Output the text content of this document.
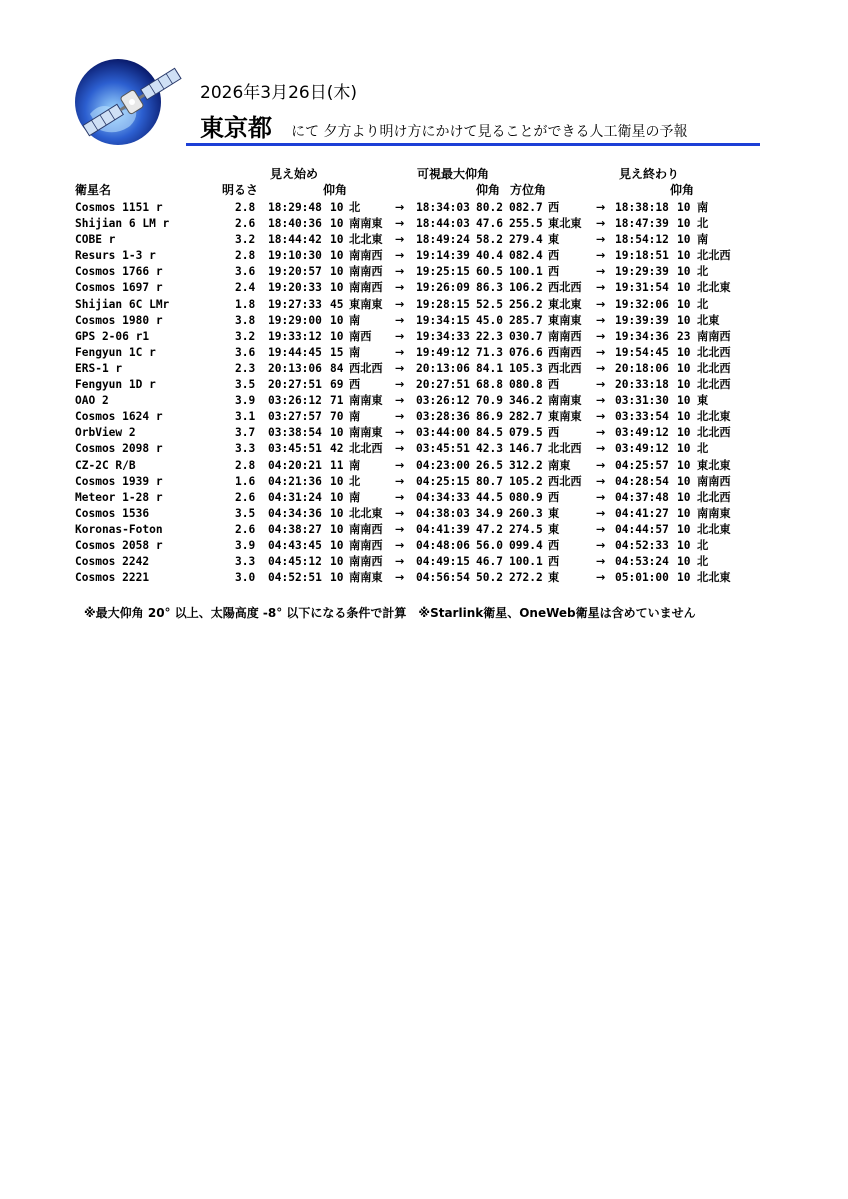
2026年3月26日(木)
東京都 にて 夕方より明け方にかけて見ることができる人工衛星の予報
見え始め	可視最大仰角	見え終わり
衛星名	明るさ	仰角	仰角 方位角	仰角
Cosmos 1151 r	2.8 18:29:48 10 北	→ 18:34:03 80.2 082.7 西	→ 18:38:18 10 南
Shijian 6 LM r	2.6 18:40:36 10 南南東 → 18:44:03 47.6 255.5 東北東 → 18:47:39 10 北
COBE r	3.2 18:44:42 10 北北東 → 18:49:24 58.2 279.4 東	→ 18:54:12 10 南
Resurs 1-3 r	2.8 19:10:30 10 南南西 → 19:14:39 40.4 082.4 西	→ 19:18:51 10 北北西
Cosmos 1766 r	3.6 19:20:57 10 南南西 → 19:25:15 60.5 100.1 西	→ 19:29:39 10 北
Cosmos 1697 r	2.4 19:20:33 10 南南西 → 19:26:09 86.3 106.2 西北西 → 19:31:54 10 北北東
Shijian 6C LMr	1.8 19:27:33 45 東南東 → 19:28:15 52.5 256.2 東北東 → 19:32:06 10 北
Cosmos 1980 r	3.8 19:29:00 10 南	→ 19:34:15 45.0 285.7 東南東 → 19:39:39 10 北東
GPS 2-06 r1	3.2 19:33:12 10 南西 → 19:34:33 22.3 030.7 南南西 → 19:34:36 23 南南西
Fengyun 1C r	3.6 19:44:45 15 南	→ 19:49:12 71.3 076.6 西南西 → 19:54:45 10 北北西
ERS-1 r	2.3 20:13:06 84 西北西 → 20:13:06 84.1 105.3 西北西 → 20:18:06 10 北北西
Fengyun 1D r	3.5 20:27:51 69 西	→ 20:27:51 68.8 080.8 西	→ 20:33:18 10 北北西
OAO 2	3.9 03:26:12 71 南南東 → 03:26:12 70.9 346.2 南南東 → 03:31:30 10 東
Cosmos 1624 r	3.1 03:27:57 70 南	→ 03:28:36 86.9 282.7 東南東 → 03:33:54 10 北北東
OrbView 2	3.7 03:38:54 10 南南東 → 03:44:00 84.5 079.5 西	→ 03:49:12 10 北北西
Cosmos 2098 r	3.3 03:45:51 42 北北西 → 03:45:51 42.3 146.7 北北西 → 03:49:12 10 北
CZ-2C R/B	2.8 04:20:21 11 南	→ 04:23:00 26.5 312.2 南東 → 04:25:57 10 東北東
Cosmos 1939 r	1.6 04:21:36 10 北	→ 04:25:15 80.7 105.2 西北西 → 04:28:54 10 南南西
Meteor 1-28 r	2.6 04:31:24 10 南	→ 04:34:33 44.5 080.9 西	→ 04:37:48 10 北北西
Cosmos 1536	3.5 04:34:36 10 北北東 → 04:38:03 34.9 260.3 東	→ 04:41:27 10 南南東
Koronas-Foton	2.6 04:38:27 10 南南西 → 04:41:39 47.2 274.5 東	→ 04:44:57 10 北北東
Cosmos 2058 r	3.9 04:43:45 10 南南西 → 04:48:06 56.0 099.4 西	→ 04:52:33 10 北
Cosmos 2242	3.3 04:45:12 10 南南西 → 04:49:15 46.7 100.1 西	→ 04:53:24 10 北
Cosmos 2221	3.0 04:52:51 10 南南東 → 04:56:54 50.2 272.2 東	→ 05:01:00 10 北北東
※最大仰角 20° 以上、太陽高度 -8° 以下になる条件で計算　※Starlink衛星、OneWeb衛星は含めていません
